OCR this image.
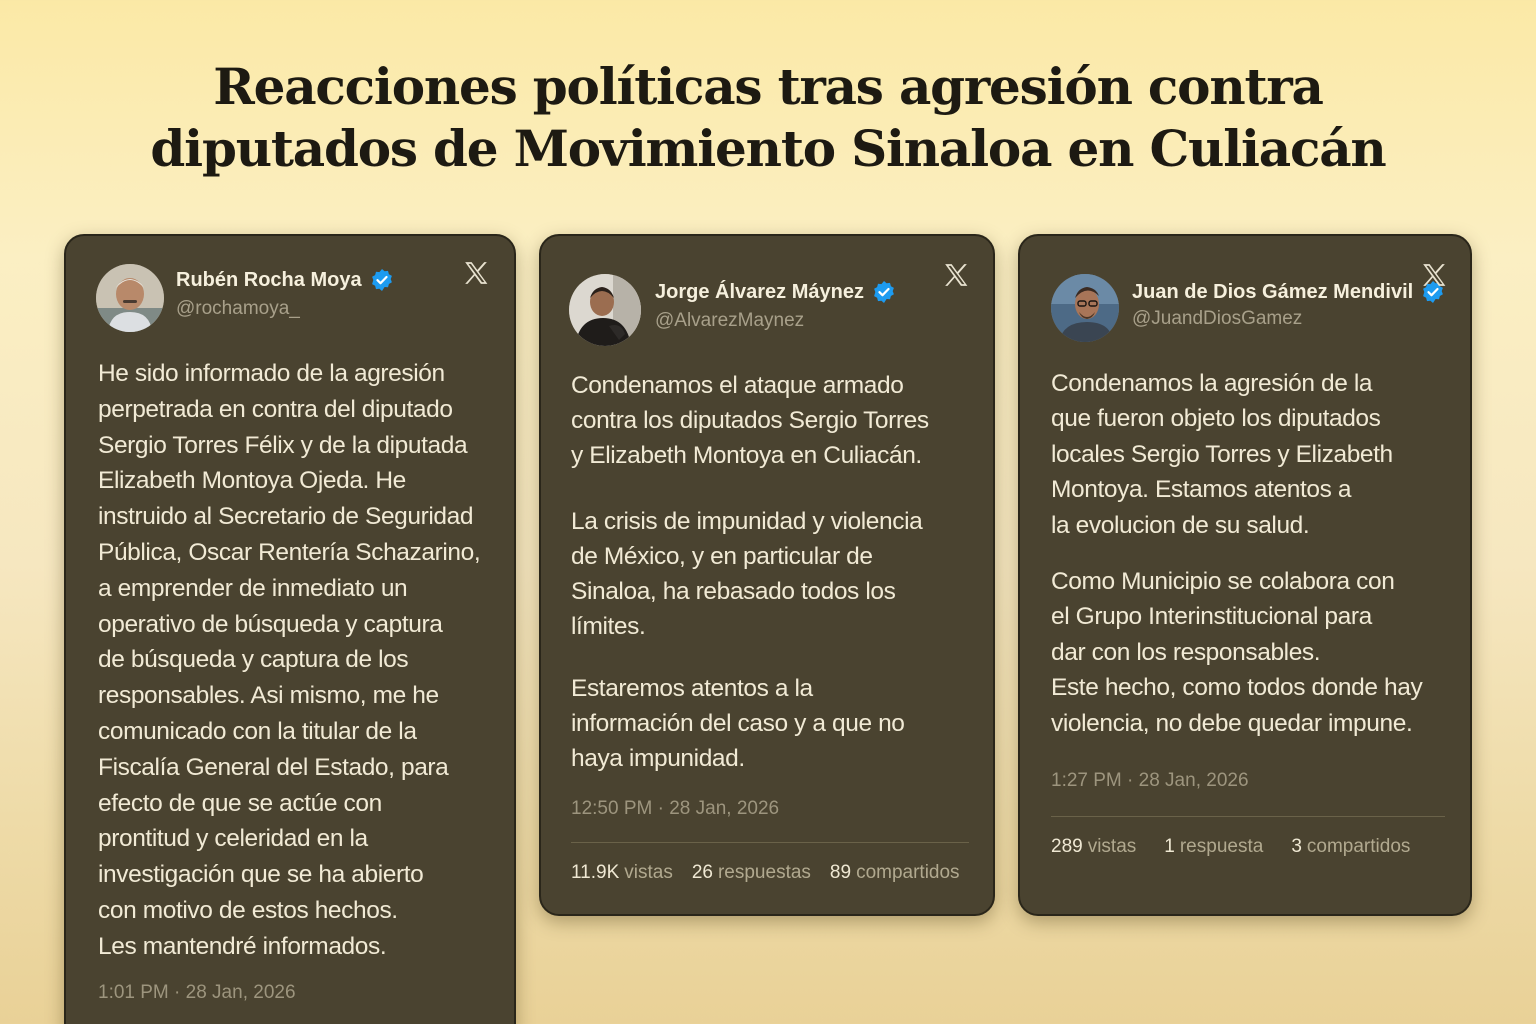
Reacciones políticas tras agresión contra
diputados de Movimiento Sinaloa en Culiacán
Rubén Rocha Moya
@rochamoya_

He sido informado de la agresión
perpetrada en contra del diputado
Sergio Torres Félix y de la diputada
Elizabeth Montoya Ojeda. He
instruido al Secretario de Seguridad
Pública, Oscar Rentería Schazarino,
a emprender de inmediato un
operativo de búsqueda y captura
de búsqueda y captura de los
responsables. Asi mismo, me he
comunicado con la titular de la
Fiscalía General del Estado, para
efecto de que se actúe con
prontitud y celeridad en la
investigación que se ha abierto
con motivo de estos hechos.
Les mantendré informados.

1:01 PM · 28 Jan, 2026
Jorge Álvarez Máynez
@AlvarezMaynez

Condenamos el ataque armado
contra los diputados Sergio Torres
y Elizabeth Montoya en Culiacán.

La crisis de impunidad y violencia
de México, y en particular de
Sinaloa, ha rebasado todos los
límites.

Estaremos atentos a la
información del caso y a que no
haya impunidad.

12:50 PM · 28 Jan, 2026
11.9K vistas 26 respuestas 89 compartidos
Juan de Dios Gámez Mendivil
@JuandDiosGamez

Condenamos la agresión de la
que fueron objeto los diputados
locales Sergio Torres y Elizabeth
Montoya. Estamos atentos a
la evolucion de su salud.

Como Municipio se colabora con
el Grupo Interinstitucional para
dar con los responsables.
Este hecho, como todos donde hay
violencia, no debe quedar impune.

1:27 PM · 28 Jan, 2026
289 vistas 1 respuesta 3 compartidos
